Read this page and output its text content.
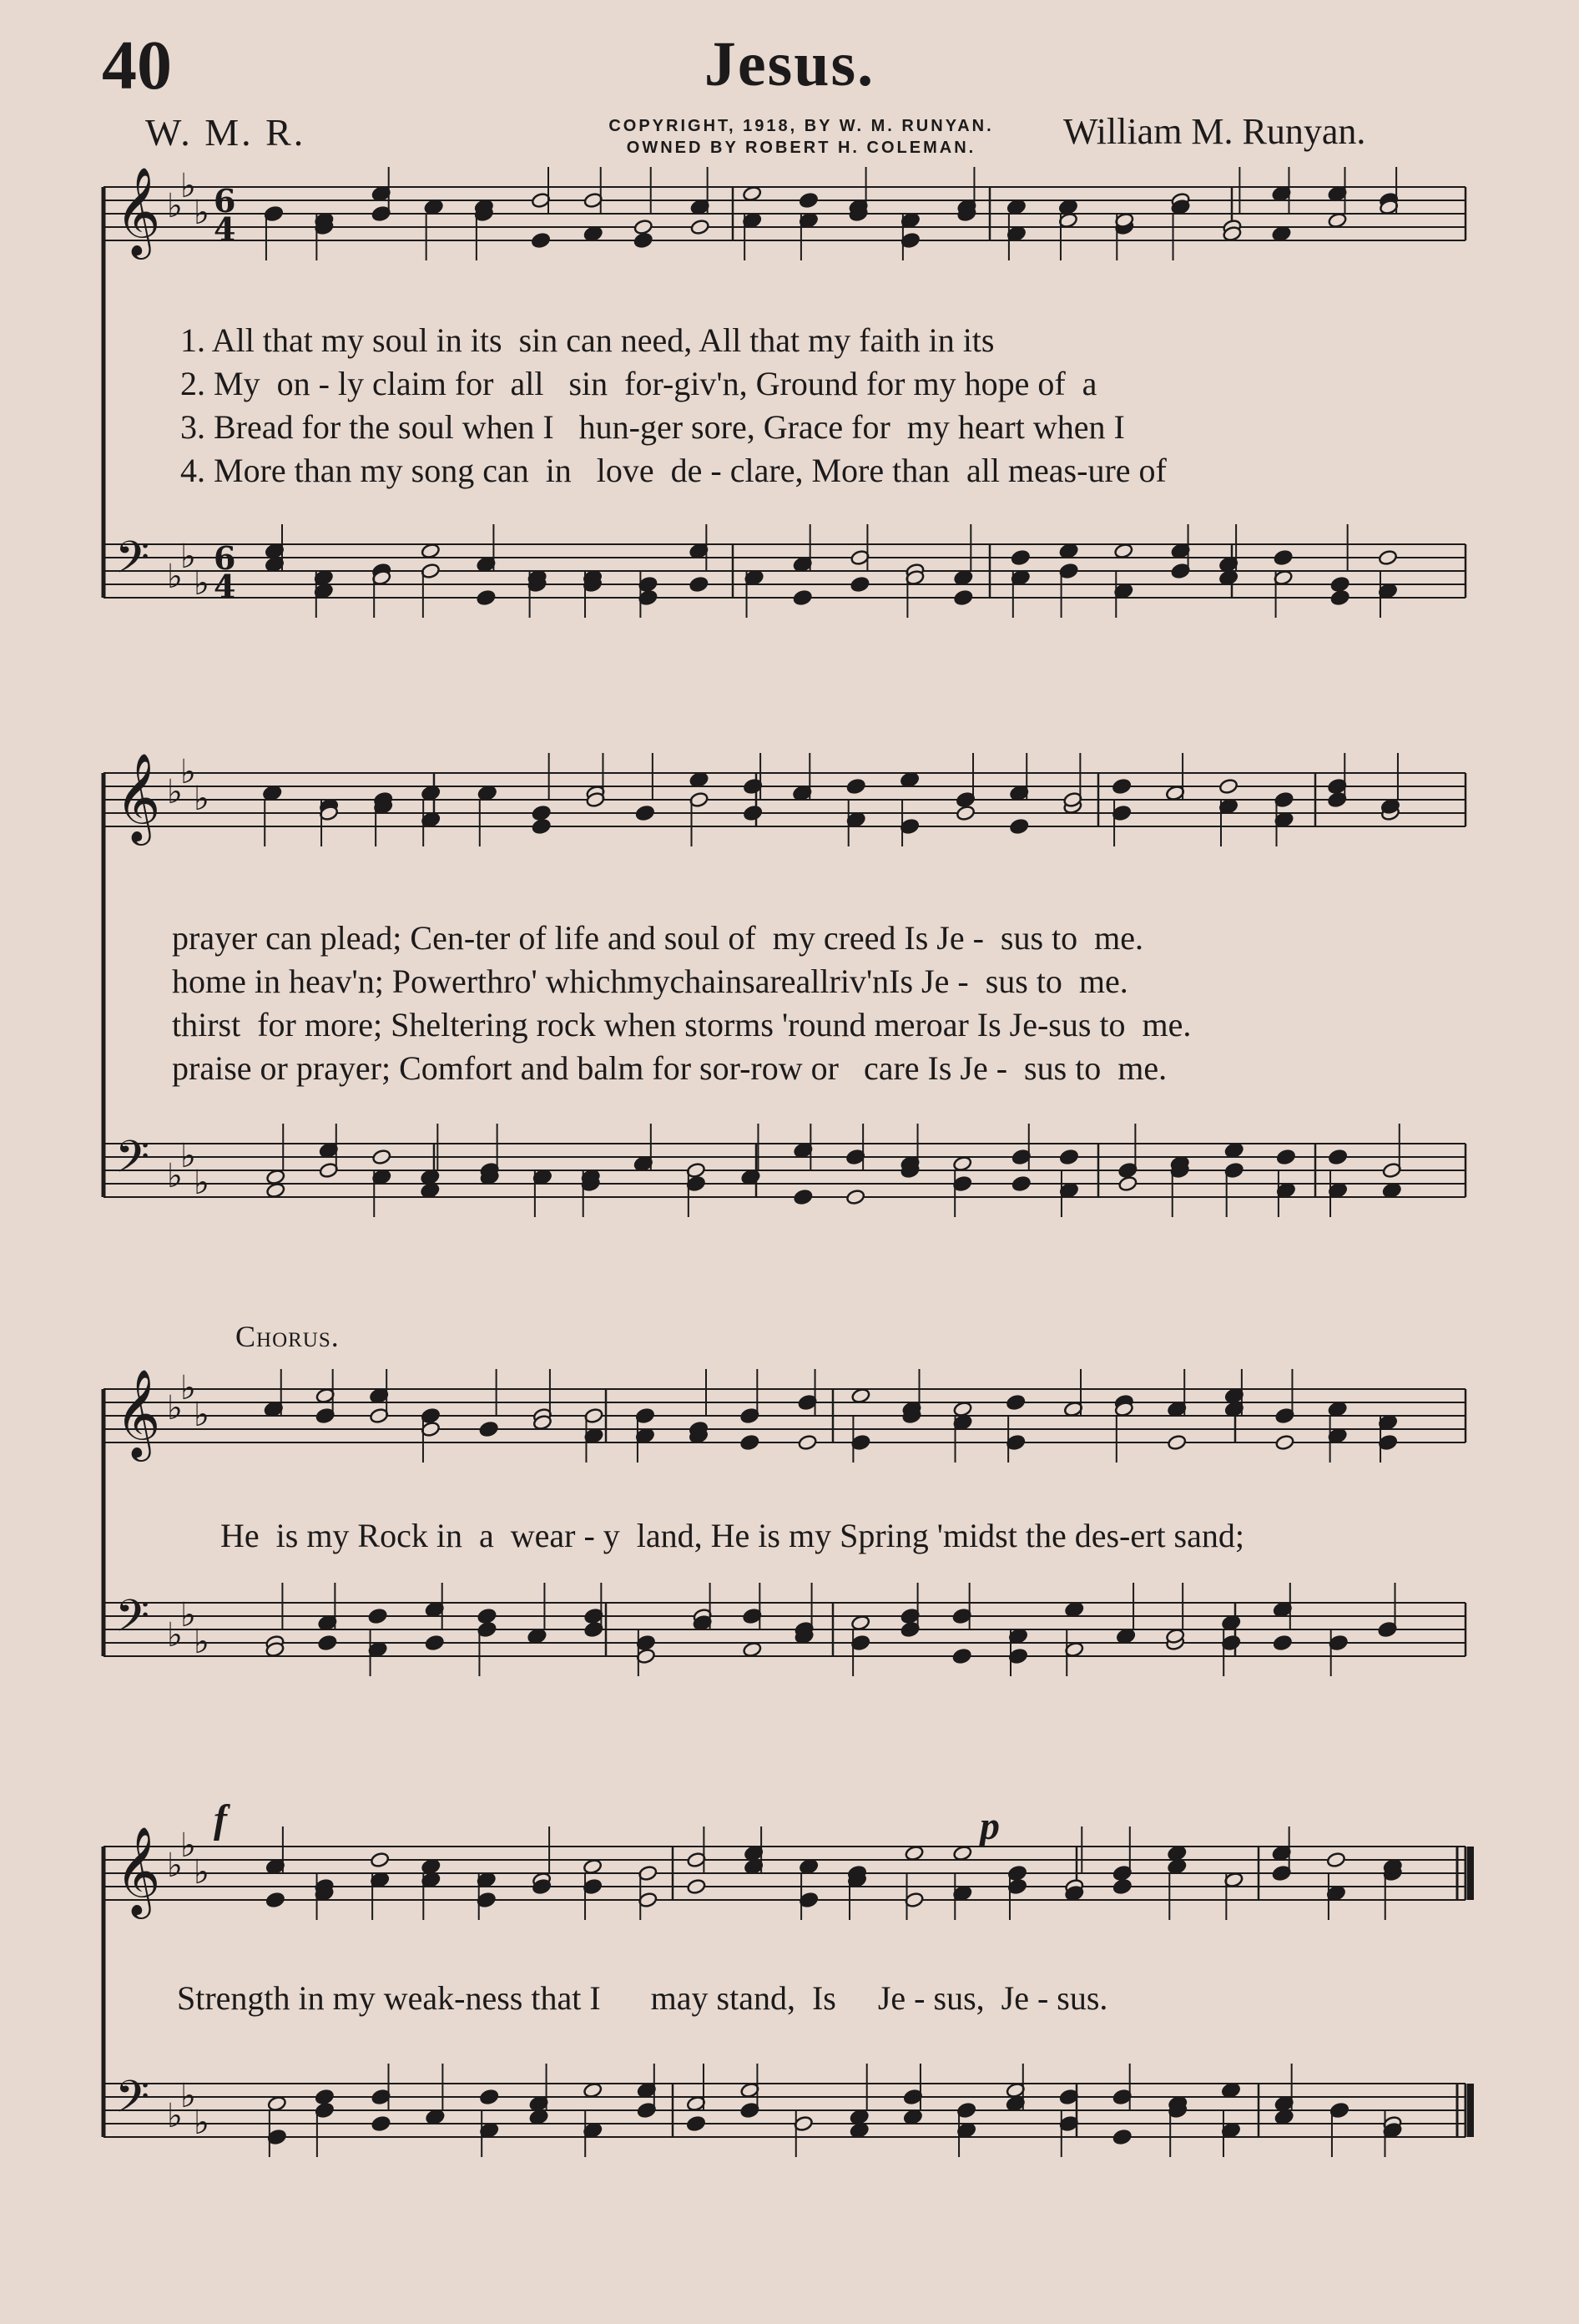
40	Jesus.
W. M. R.	COPYRIGHT, 1918, BY W. M. RUNYAN.
OWNED BY ROBERT H. COLEMAN.	William M. Runyan.
𝄞 ♭
♭
♭ 6
4
𝄢 ♭
♭
♭
6
4
𝄞 ♭
♭
♭
𝄢 ♭
♭
♭
𝄞 ♭
♭
♭
𝄢 ♭
♭
♭
𝄞 ♭
♭
♭
𝄢 ♭
♭
♭
1. All that my soul in its  sin can need, All that my faith in its
2. My  on - ly claim for  all   sin  for-giv'n, Ground for my hope of  a
3. Bread for the soul when I   hun-ger sore, Grace for  my heart when I
4. More than my song can  in   love  de - clare, More than  all meas-ure of
prayer can plead; Cen-ter of life and soul of  my creed Is Je -  sus to  me.
home in heav'n; Powerthro' whichmychainsareallriv'nIs Je -  sus to  me.
thirst  for more; Sheltering rock when storms 'round meroar Is Je-sus to  me.
praise or prayer; Comfort and balm for sor-row or   care Is Je -  sus to  me.
Chorus.
He  is my Rock in  a  wear - y  land, He is my Spring 'midst the des-ert sand;
f	p
Strength in my weak-ness that I      may stand,  Is     Je - sus,  Je - sus.
